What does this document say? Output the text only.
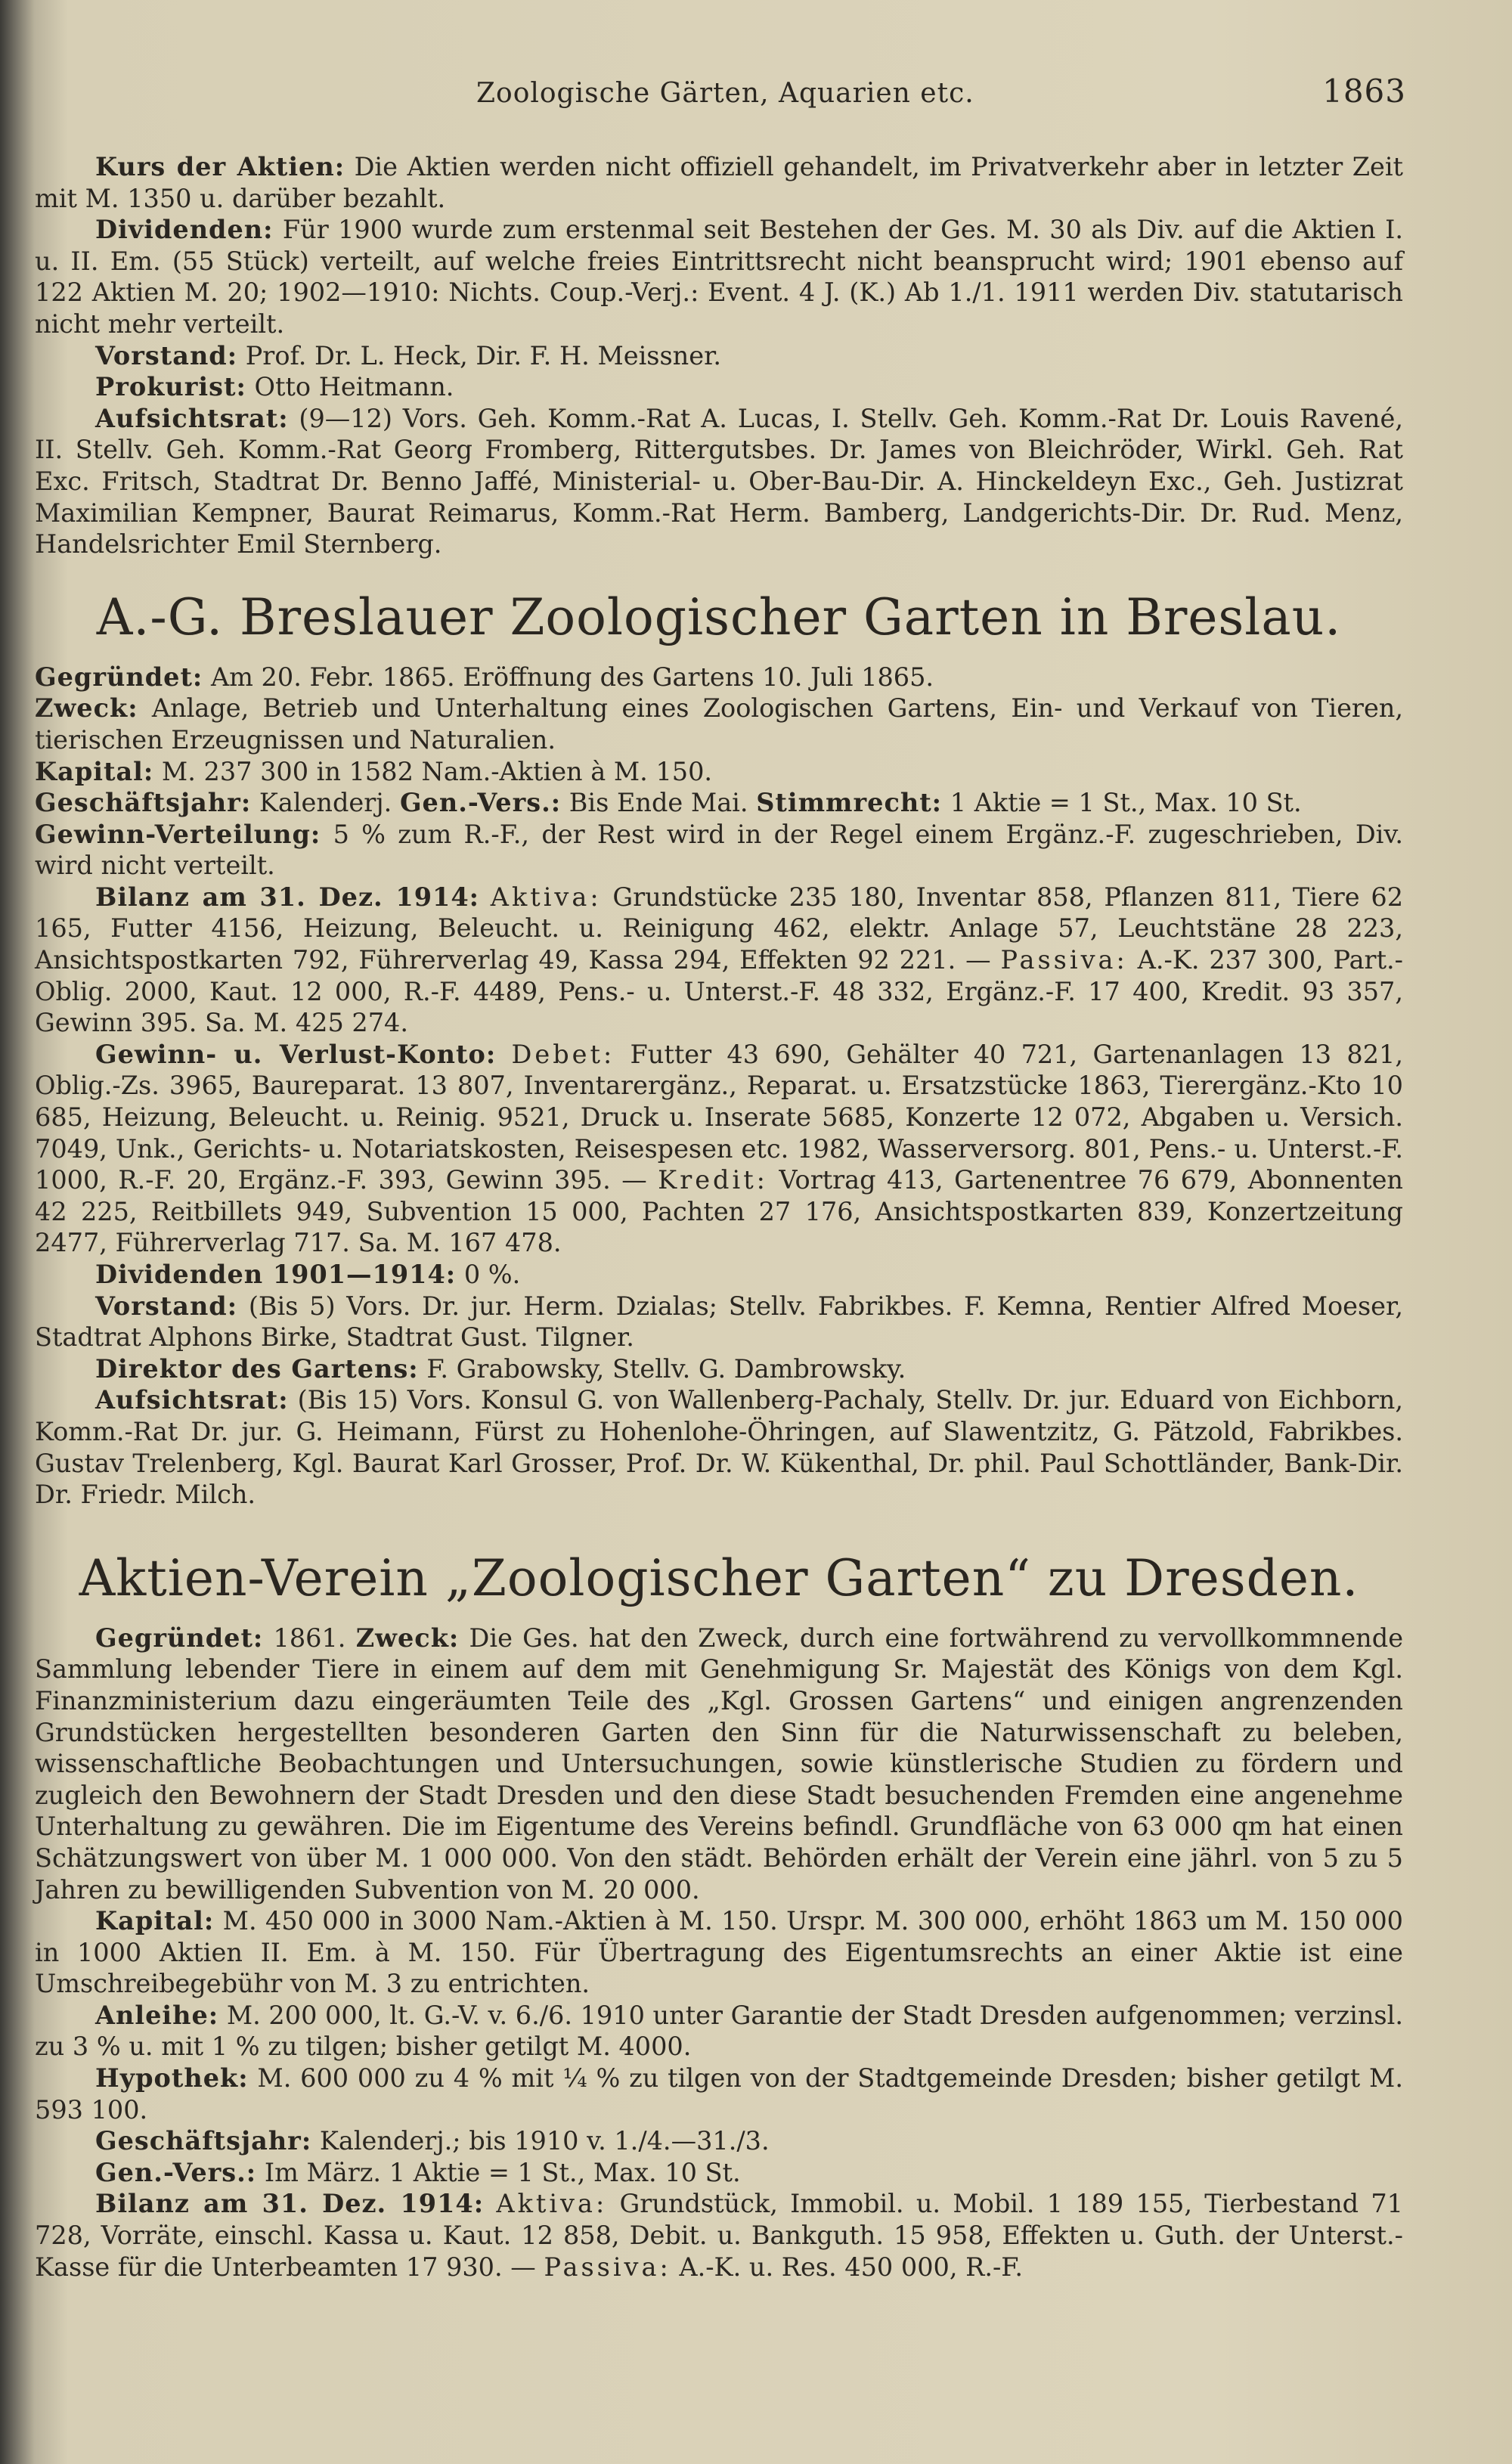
Zoologische Gärten, Aquarien etc.	1863

Kurs der Aktien: Die Aktien werden nicht offiziell gehandelt, im Privatverkehr aber in letzter Zeit mit M. 1350 u. darüber bezahlt.

Dividenden: Für 1900 wurde zum erstenmal seit Bestehen der Ges. M. 30 als Div. auf die Aktien I. u. II. Em. (55 Stück) verteilt, auf welche freies Eintrittsrecht nicht beansprucht wird; 1901 ebenso auf 122 Aktien M. 20; 1902—1910: Nichts. Coup.-Verj.: Event. 4 J. (K.) Ab 1./1. 1911 werden Div. statutarisch nicht mehr verteilt.

Vorstand: Prof. Dr. L. Heck, Dir. F. H. Meissner.

Prokurist: Otto Heitmann.

Aufsichtsrat: (9—12) Vors. Geh. Komm.-Rat A. Lucas, I. Stellv. Geh. Komm.-Rat Dr. Louis Ravené, II. Stellv. Geh. Komm.-Rat Georg Fromberg, Rittergutsbes. Dr. James von Bleichröder, Wirkl. Geh. Rat Exc. Fritsch, Stadtrat Dr. Benno Jaffé, Ministerial- u. Ober-Bau-Dir. A. Hinckeldeyn Exc., Geh. Justizrat Maximilian Kempner, Baurat Reimarus, Komm.-Rat Herm. Bamberg, Landgerichts-Dir. Dr. Rud. Menz, Handelsrichter Emil Sternberg.

A.-G. Breslauer Zoologischer Garten in Breslau.

Gegründet: Am 20. Febr. 1865. Eröffnung des Gartens 10. Juli 1865.

Zweck: Anlage, Betrieb und Unterhaltung eines Zoologischen Gartens, Ein- und Verkauf von Tieren, tierischen Erzeugnissen und Naturalien.

Kapital: M. 237 300 in 1582 Nam.-Aktien à M. 150.

Geschäftsjahr: Kalenderj. Gen.-Vers.: Bis Ende Mai. Stimmrecht: 1 Aktie = 1 St., Max. 10 St.

Gewinn-Verteilung: 5 % zum R.-F., der Rest wird in der Regel einem Ergänz.-F. zugeschrieben, Div. wird nicht verteilt.

Bilanz am 31. Dez. 1914: Aktiva: Grundstücke 235 180, Inventar 858, Pflanzen 811, Tiere 62 165, Futter 4156, Heizung, Beleucht. u. Reinigung 462, elektr. Anlage 57, Leuchtstäne 28 223, Ansichtspostkarten 792, Führerverlag 49, Kassa 294, Effekten 92 221. — Passiva: A.-K. 237 300, Part.-Oblig. 2000, Kaut. 12 000, R.-F. 4489, Pens.- u. Unterst.-F. 48 332, Ergänz.-F. 17 400, Kredit. 93 357, Gewinn 395. Sa. M. 425 274.

Gewinn- u. Verlust-Konto: Debet: Futter 43 690, Gehälter 40 721, Gartenanlagen 13 821, Oblig.-Zs. 3965, Baureparat. 13 807, Inventarergänz., Reparat. u. Ersatzstücke 1863, Tierergänz.-Kto 10 685, Heizung, Beleucht. u. Reinig. 9521, Druck u. Inserate 5685, Konzerte 12 072, Abgaben u. Versich. 7049, Unk., Gerichts- u. Notariatskosten, Reisespesen etc. 1982, Wasserversorg. 801, Pens.- u. Unterst.-F. 1000, R.-F. 20, Ergänz.-F. 393, Gewinn 395. — Kredit: Vortrag 413, Gartenentree 76 679, Abonnenten 42 225, Reitbillets 949, Subvention 15 000, Pachten 27 176, Ansichtspostkarten 839, Konzertzeitung 2477, Führerverlag 717. Sa. M. 167 478.

Dividenden 1901—1914: 0 %.

Vorstand: (Bis 5) Vors. Dr. jur. Herm. Dzialas; Stellv. Fabrikbes. F. Kemna, Rentier Alfred Moeser, Stadtrat Alphons Birke, Stadtrat Gust. Tilgner.

Direktor des Gartens: F. Grabowsky, Stellv. G. Dambrowsky.

Aufsichtsrat: (Bis 15) Vors. Konsul G. von Wallenberg-Pachaly, Stellv. Dr. jur. Eduard von Eichborn, Komm.-Rat Dr. jur. G. Heimann, Fürst zu Hohenlohe-Öhringen, auf Slawentzitz, G. Pätzold, Fabrikbes. Gustav Trelenberg, Kgl. Baurat Karl Grosser, Prof. Dr. W. Kükenthal, Dr. phil. Paul Schottländer, Bank-Dir. Dr. Friedr. Milch.

Aktien-Verein „Zoologischer Garten“ zu Dresden.

Gegründet: 1861. Zweck: Die Ges. hat den Zweck, durch eine fortwährend zu vervollkommnende Sammlung lebender Tiere in einem auf dem mit Genehmigung Sr. Majestät des Königs von dem Kgl. Finanzministerium dazu eingeräumten Teile des „Kgl. Grossen Gartens“ und einigen angrenzenden Grundstücken hergestellten besonderen Garten den Sinn für die Naturwissenschaft zu beleben, wissenschaftliche Beobachtungen und Untersuchungen, sowie künstlerische Studien zu fördern und zugleich den Bewohnern der Stadt Dresden und den diese Stadt besuchenden Fremden eine angenehme Unterhaltung zu gewähren. Die im Eigentume des Vereins befindl. Grundfläche von 63 000 qm hat einen Schätzungswert von über M. 1 000 000. Von den städt. Behörden erhält der Verein eine jährl. von 5 zu 5 Jahren zu bewilligenden Subvention von M. 20 000.

Kapital: M. 450 000 in 3000 Nam.-Aktien à M. 150. Urspr. M. 300 000, erhöht 1863 um M. 150 000 in 1000 Aktien II. Em. à M. 150. Für Übertragung des Eigentumsrechts an einer Aktie ist eine Umschreibegebühr von M. 3 zu entrichten.

Anleihe: M. 200 000, lt. G.-V. v. 6./6. 1910 unter Garantie der Stadt Dresden aufgenommen; verzinsl. zu 3 % u. mit 1 % zu tilgen; bisher getilgt M. 4000.

Hypothek: M. 600 000 zu 4 % mit ¼ % zu tilgen von der Stadtgemeinde Dresden; bisher getilgt M. 593 100.

Geschäftsjahr: Kalenderj.; bis 1910 v. 1./4.—31./3.

Gen.-Vers.: Im März. 1 Aktie = 1 St., Max. 10 St.

Bilanz am 31. Dez. 1914: Aktiva: Grundstück, Immobil. u. Mobil. 1 189 155, Tierbestand 71 728, Vorräte, einschl. Kassa u. Kaut. 12 858, Debit. u. Bankguth. 15 958, Effekten u. Guth. der Unterst.-Kasse für die Unterbeamten 17 930. — Passiva: A.-K. u. Res. 450 000, R.-F.
